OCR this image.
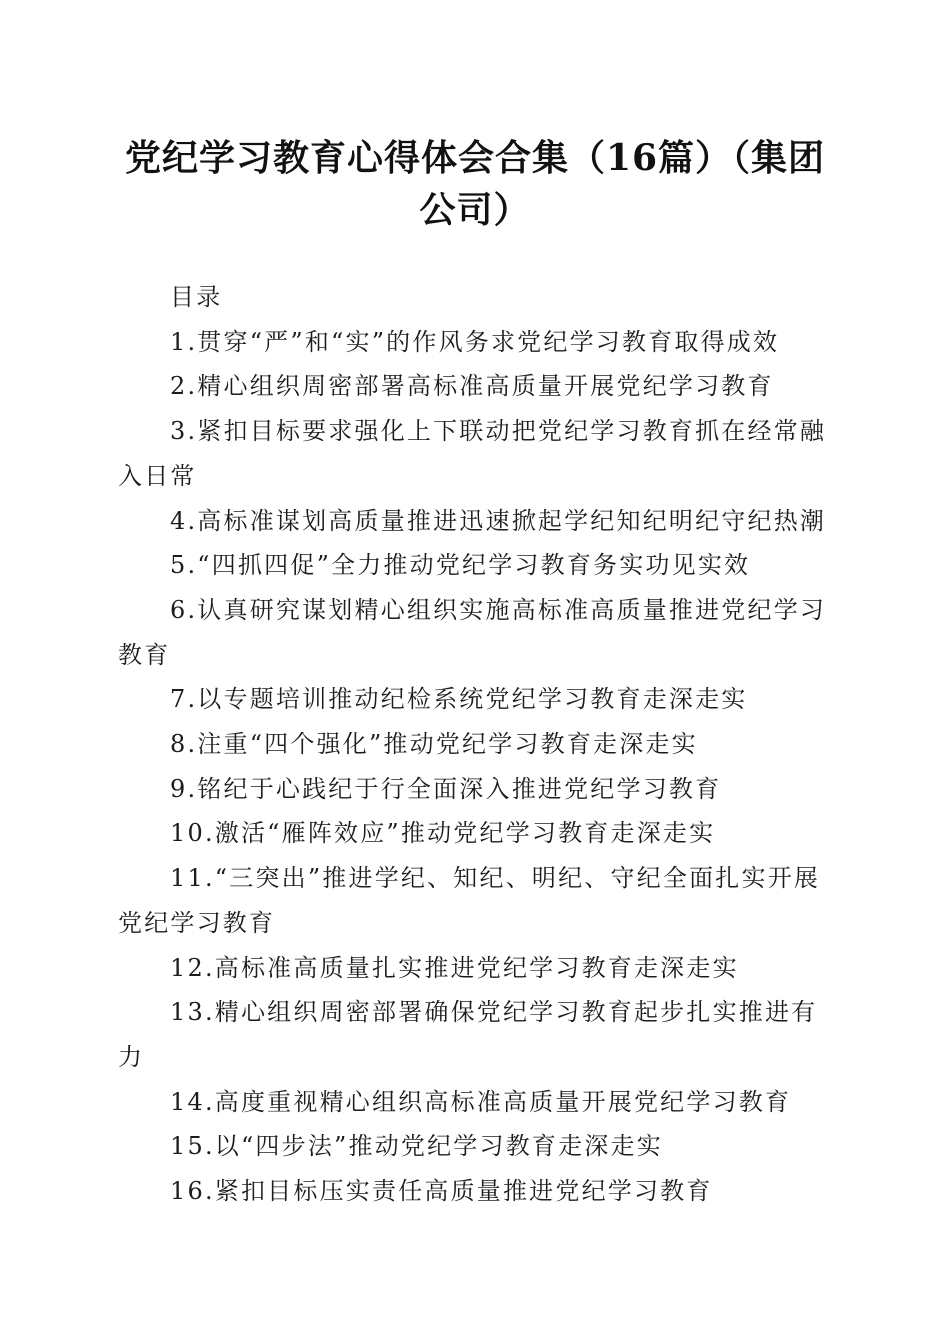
党纪学习教育心得体会合集（16篇）（集团公司）

目录

1.贯穿“严”和“实”的作风务求党纪学习教育取得成效
2.精心组织周密部署高标准高质量开展党纪学习教育
3.紧扣目标要求强化上下联动把党纪学习教育抓在经常融入日常
4.高标准谋划高质量推进迅速掀起学纪知纪明纪守纪热潮
5.“四抓四促”全力推动党纪学习教育务实功见实效
6.认真研究谋划精心组织实施高标准高质量推进党纪学习教育
7.以专题培训推动纪检系统党纪学习教育走深走实
8.注重“四个强化”推动党纪学习教育走深走实
9.铭纪于心践纪于行全面深入推进党纪学习教育
10.激活“雁阵效应”推动党纪学习教育走深走实
11.“三突出”推进学纪、知纪、明纪、守纪全面扎实开展党纪学习教育
12.高标准高质量扎实推进党纪学习教育走深走实
13.精心组织周密部署确保党纪学习教育起步扎实推进有力
14.高度重视精心组织高标准高质量开展党纪学习教育
15.以“四步法”推动党纪学习教育走深走实
16.紧扣目标压实责任高质量推进党纪学习教育
